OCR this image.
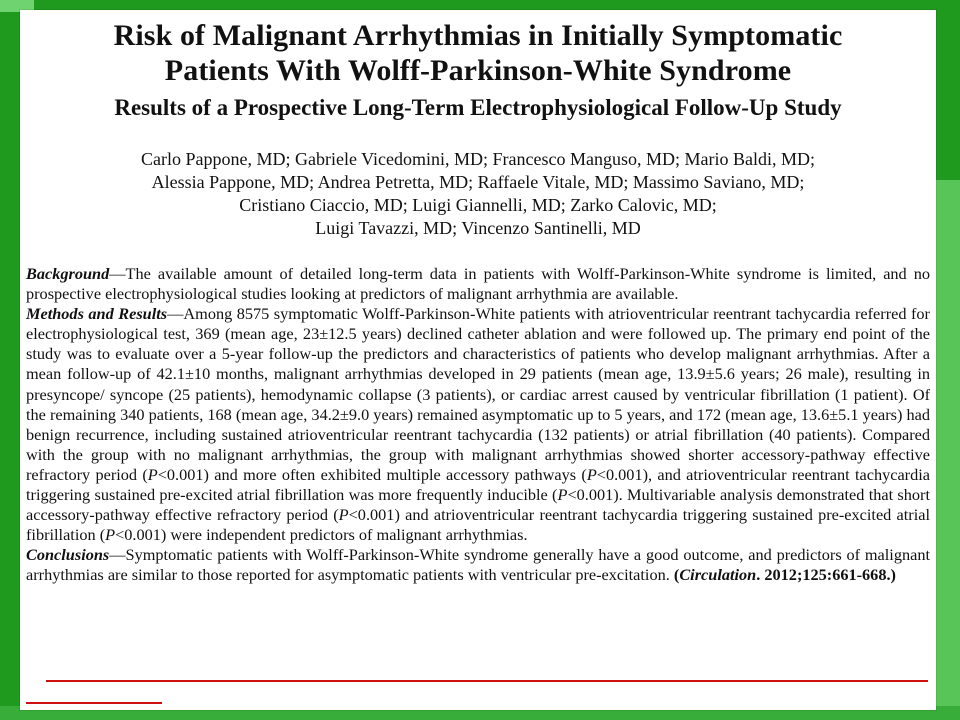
Risk of Malignant Arrhythmias in Initially Symptomatic
Patients With Wolff-Parkinson-White Syndrome
Results of a Prospective Long-Term Electrophysiological Follow-Up Study
Carlo Pappone, MD; Gabriele Vicedomini, MD; Francesco Manguso, MD; Mario Baldi, MD;
Alessia Pappone, MD; Andrea Petretta, MD; Raffaele Vitale, MD; Massimo Saviano, MD;
Cristiano Ciaccio, MD; Luigi Giannelli, MD; Zarko Calovic, MD;
Luigi Tavazzi, MD; Vincenzo Santinelli, MD

Background—The available amount of detailed long-term data in patients with Wolff-Parkinson-White syndrome is limited, and no prospective electrophysiological studies looking at predictors of malignant arrhythmia are available.

Methods and Results—Among 8575 symptomatic Wolff-Parkinson-White patients with atrioventricular reentrant tachycardia referred for electrophysiological test, 369 (mean age, 23±12.5 years) declined catheter ablation and were followed up. The primary end point of the study was to evaluate over a 5-year follow-up the predictors and characteristics of patients who develop malignant arrhythmias. After a mean follow-up of 42.1±10 months, malignant arrhythmias developed in 29 patients (mean age, 13.9±5.6 years; 26 male), resulting in presyncope/ syncope (25 patients), hemodynamic collapse (3 patients), or cardiac arrest caused by ventricular fibrillation (1 patient). Of the remaining 340 patients, 168 (mean age, 34.2±9.0 years) remained asymptomatic up to 5 years, and 172 (mean age, 13.6±5.1 years) had benign recurrence, including sustained atrioventricular reentrant tachycardia (132 patients) or atrial fibrillation (40 patients). Compared with the group with no malignant arrhythmias, the group with malignant arrhythmias showed shorter accessory-pathway effective refractory period (P<0.001) and more often exhibited multiple accessory pathways (P<0.001), and atrioventricular reentrant tachycardia triggering sustained pre-excited atrial fibrillation was more frequently inducible (P<0.001). Multivariable analysis demonstrated that short accessory-pathway effective refractory period (P<0.001) and atrioventricular reentrant tachycardia triggering sustained pre-excited atrial fibrillation (P<0.001) were independent predictors of malignant arrhythmias.

Conclusions—Symptomatic patients with Wolff-Parkinson-White syndrome generally have a good outcome, and predictors of malignant arrhythmias are similar to those reported for asymptomatic patients with ventricular pre-excitation. (Circulation. 2012;125:661-668.)
